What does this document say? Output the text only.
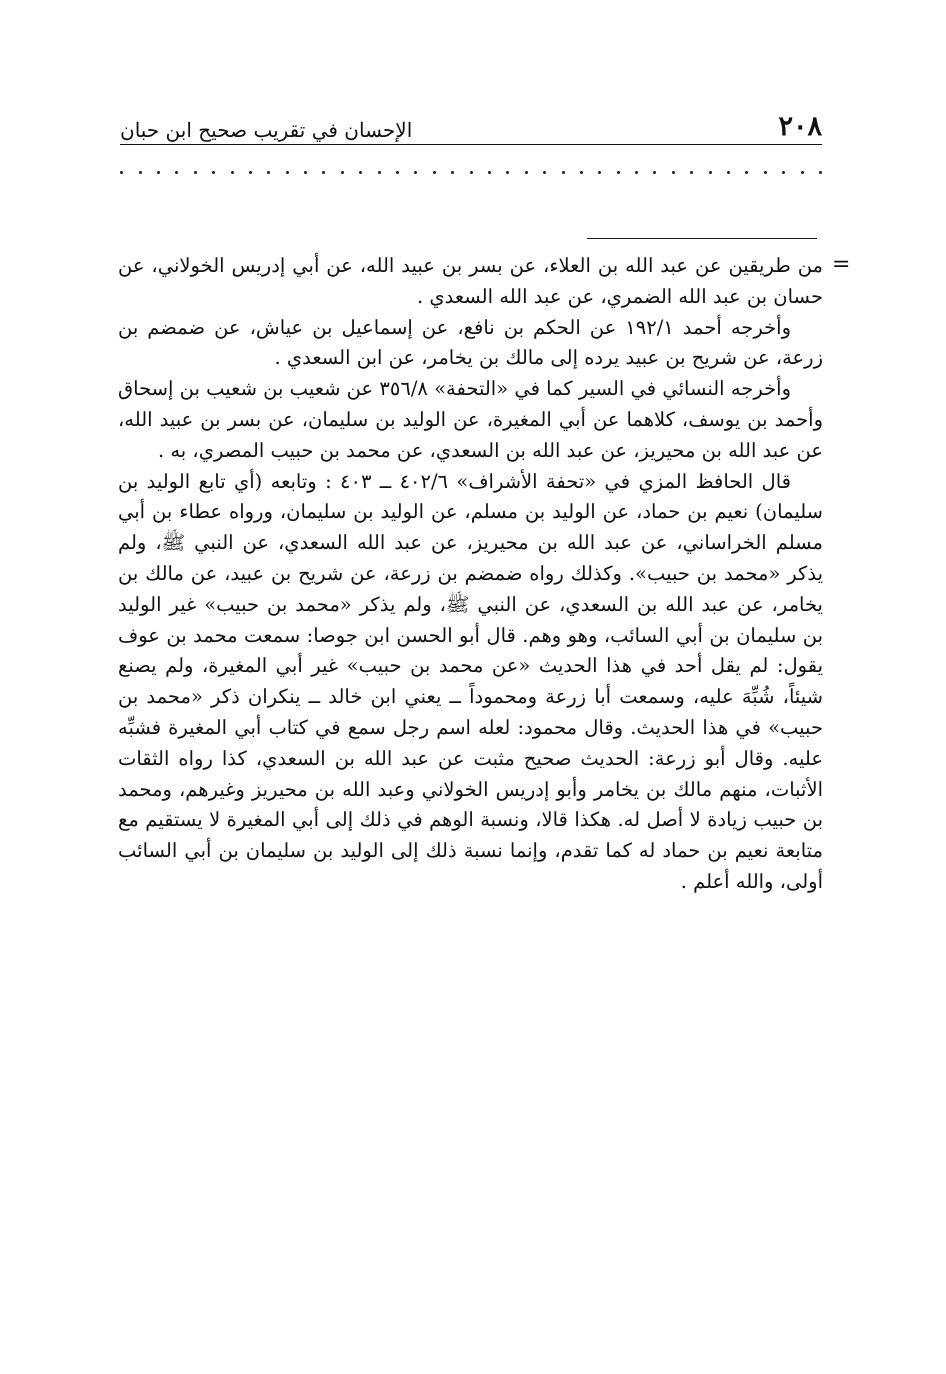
٢٠٨
الإحسان في تقريب صحيح ابن حبان
=

من طريقين عن عبد الله بن العلاء، عن بسر بن عبيد الله، عن أبي إدريس الخولاني، عن حسان بن عبد الله الضمري، عن عبد الله السعدي .

وأخرجه أحمد ١٩٢/١ عن الحكم بن نافع، عن إسماعيل بن عياش، عن ضمضم بن زرعة، عن شريح بن عبيد يرده إلى مالك بن يخامر، عن ابن السعدي .

وأخرجه النسائي في السير كما في «التحفة» ٣٥٦/٨ عن شعيب بن شعيب بن إسحاق وأحمد بن يوسف، كلاهما عن أبي المغيرة، عن الوليد بن سليمان، عن بسر بن عبيد الله، عن عبد الله بن محيريز، عن عبد الله بن السعدي، عن محمد بن حبيب المصري، به .

قال الحافظ المزي في «تحفة الأشراف» ٤٠٢/٦ ــ ٤٠٣ : وتابعه (أي تابع الوليد بن سليمان) نعيم بن حماد، عن الوليد بن مسلم، عن الوليد بن سليمان، ورواه عطاء بن أبي مسلم الخراساني، عن عبد الله بن محيريز، عن عبد الله السعدي، عن النبي ﷺ، ولم يذكر «محمد بن حبيب». وكذلك رواه ضمضم بن زرعة، عن شريح بن عبيد، عن مالك بن يخامر، عن عبد الله بن السعدي، عن النبي ﷺ، ولم يذكر «محمد بن حبيب» غير الوليد بن سليمان بن أبي السائب، وهو وهم. قال أبو الحسن ابن جوصا: سمعت محمد بن عوف يقول: لم يقل أحد في هذا الحديث «عن محمد بن حبيب» غير أبي المغيرة، ولم يصنع شيئاً، شُبِّهَ عليه، وسمعت أبا زرعة ومحموداً ــ يعني ابن خالد ــ ينكران ذكر «محمد بن حبيب» في هذا الحديث. وقال محمود: لعله اسم رجل سمع في كتاب أبي المغيرة فشبِّه عليه. وقال أبو زرعة: الحديث صحيح مثبت عن عبد الله بن السعدي، كذا رواه الثقات الأثبات، منهم مالك بن يخامر وأبو إدريس الخولاني وعبد الله بن محيريز وغيرهم، ومحمد بن حبيب زيادة لا أصل له. هكذا قالا، ونسبة الوهم في ذلك إلى أبي المغيرة لا يستقيم مع متابعة نعيم بن حماد له كما تقدم، وإنما نسبة ذلك إلى الوليد بن سليمان بن أبي السائب أولى، والله أعلم .
